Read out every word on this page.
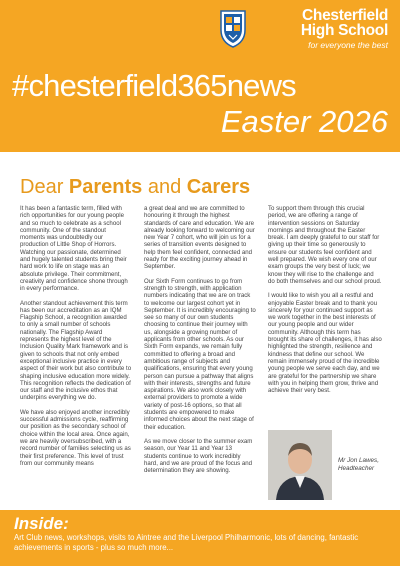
Chesterfield
High School
for everyone the best
#chesterfield365news
Easter 2026
Dear Parents and Carers

It has been a fantastic term, filled with rich opportunities for our young people and so much to celebrate as a school community. One of the standout moments was undoubtedly our production of Little Shop of Horrors. Watching our passionate, determined and hugely talented students bring their hard work to life on stage was an absolute privilege. Their commitment, creativity and confidence shone through in every performance.

Another standout achievement this term has been our accreditation as an IQM Flagship School, a recognition awarded to only a small number of schools nationally. The Flagship Award represents the highest level of the Inclusion Quality Mark framework and is given to schools that not only embed exceptional inclusive practice in every aspect of their work but also contribute to shaping inclusive education more widely. This recognition reflects the dedication of our staff and the inclusive ethos that underpins everything we do.

We have also enjoyed another incredibly successful admissions cycle, reaffirming our position as the secondary school of choice within the local area. Once again, we are heavily oversubscribed, with a record number of families selecting us as their first preference. This level of trust from our community means

a great deal and we are committed to honouring it through the highest standards of care and education. We are already looking forward to welcoming our new Year 7 cohort, who will join us for a series of transition events designed to help them feel confident, connected and ready for the exciting journey ahead in September.

Our Sixth Form continues to go from strength to strength, with application numbers indicating that we are on track to welcome our largest cohort yet in September. It is incredibly encouraging to see so many of our own students choosing to continue their journey with us, alongside a growing number of applicants from other schools. As our Sixth Form expands, we remain fully committed to offering a broad and ambitious range of subjects and qualifications, ensuring that every young person can pursue a pathway that aligns with their interests, strengths and future aspirations. We also work closely with external providers to promote a wide variety of post-16 options, so that all students are empowered to make informed choices about the next stage of their education.

As we move closer to the summer exam season, our Year 11 and Year 13 students continue to work incredibly hard, and we are proud of the focus and determination they are showing.

To support them through this crucial period, we are offering a range of intervention sessions on Saturday mornings and throughout the Easter break. I am deeply grateful to our staff for giving up their time so generously to ensure our students feel confident and well prepared. We wish every one of our exam groups the very best of luck; we know they will rise to the challenge and do both themselves and our school proud.

I would like to wish you all a restful and enjoyable Easter break and to thank you sincerely for your continued support as we work together in the best interests of our young people and our wider community. Although this term has brought its share of challenges, it has also highlighted the strength, resilience and kindness that define our school. We remain immensely proud of the incredible young people we serve each day, and we are grateful for the partnership we share with you in helping them grow, thrive and achieve their very best.

Mr Jon Lawes,
Headteacher
Inside:
Art Club news, workshops, visits to Aintree and the Liverpool Philharmonic, lots of dancing, fantastic achievements in sports - plus so much more...
